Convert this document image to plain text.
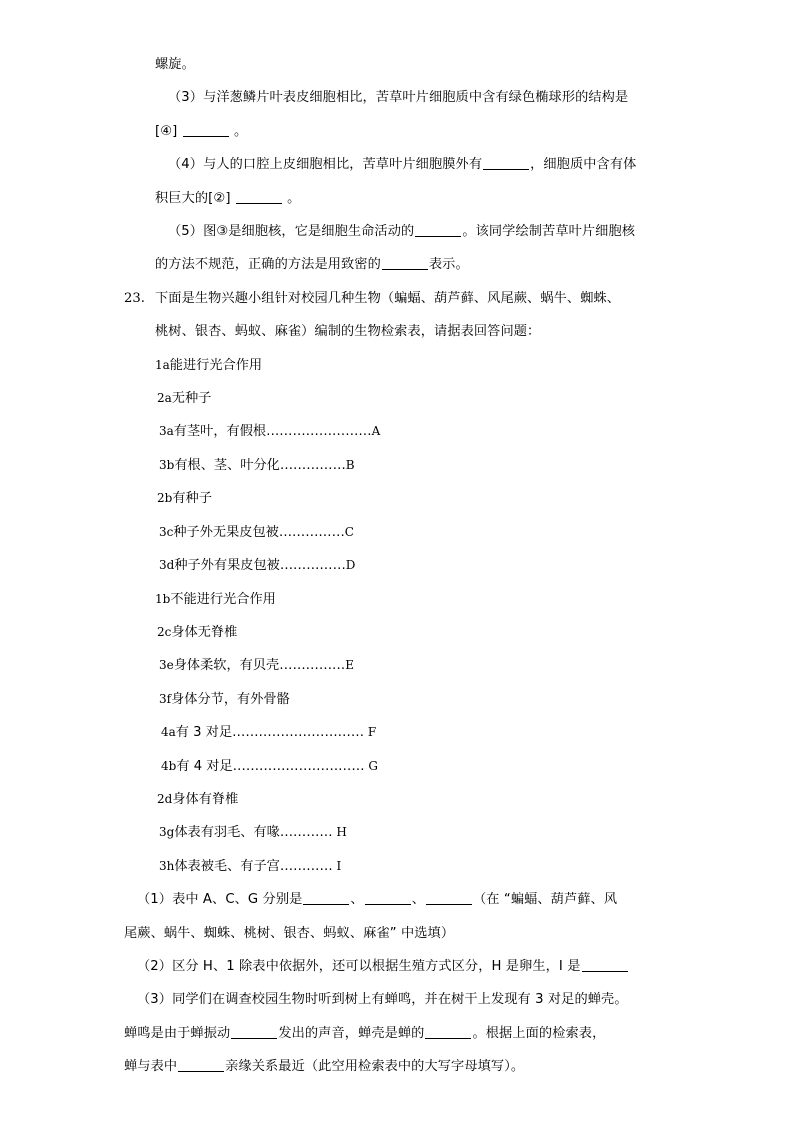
螺旋。
（3）与洋葱鳞片叶表皮细胞相比，苦草叶片细胞质中含有绿色椭球形的结构是
[④]	。
（4）与人的口腔上皮细胞相比，苦草叶片细胞膜外有	，细胞质中含有体
积巨大的[②]	。
（5）图③是细胞核，它是细胞生命活动的	。该同学绘制苦草叶片细胞核
的方法不规范，正确的方法是用致密的	表示。
23. 下面是生物兴趣小组针对校园几种生物（蝙蝠、葫芦藓、风尾蕨、蜗牛、蜘蛛、
桃树、银杏、蚂蚁、麻雀）编制的生物检索表，请据表回答问题：
1a能进行光合作用
2a无种子
3a有茎叶，有假根……………………A
3b有根、茎、叶分化……………B
2b有种子
3c种子外无果皮包被……………C
3d种子外有果皮包被……………D
1b不能进行光合作用
2c身体无脊椎
3e身体柔软，有贝壳……………E
3f身体分节，有外骨骼
4a有 3 对足………………………… F
4b有 4 对足………………………… G
2d身体有脊椎
3g体表有羽毛、有喙………… H
3h体表被毛、有子宫………… I
（1）表中 A、C、G 分别是	、	、	（在 “蝙蝠、葫芦藓、风
尾蕨、蜗牛、蜘蛛、桃树、银杏、蚂蚁、麻雀” 中选填）
（2）区分 H、1 除表中依据外，还可以根据生殖方式区分，H 是卵生，I 是
（3）同学们在调查校园生物时听到树上有蝉鸣，并在树干上发现有 3 对足的蝉壳。
蝉鸣是由于蝉振动	发出的声音，蝉壳是蝉的	。根据上面的检索表，
蝉与表中	亲缘关系最近（此空用检索表中的大写字母填写）。
